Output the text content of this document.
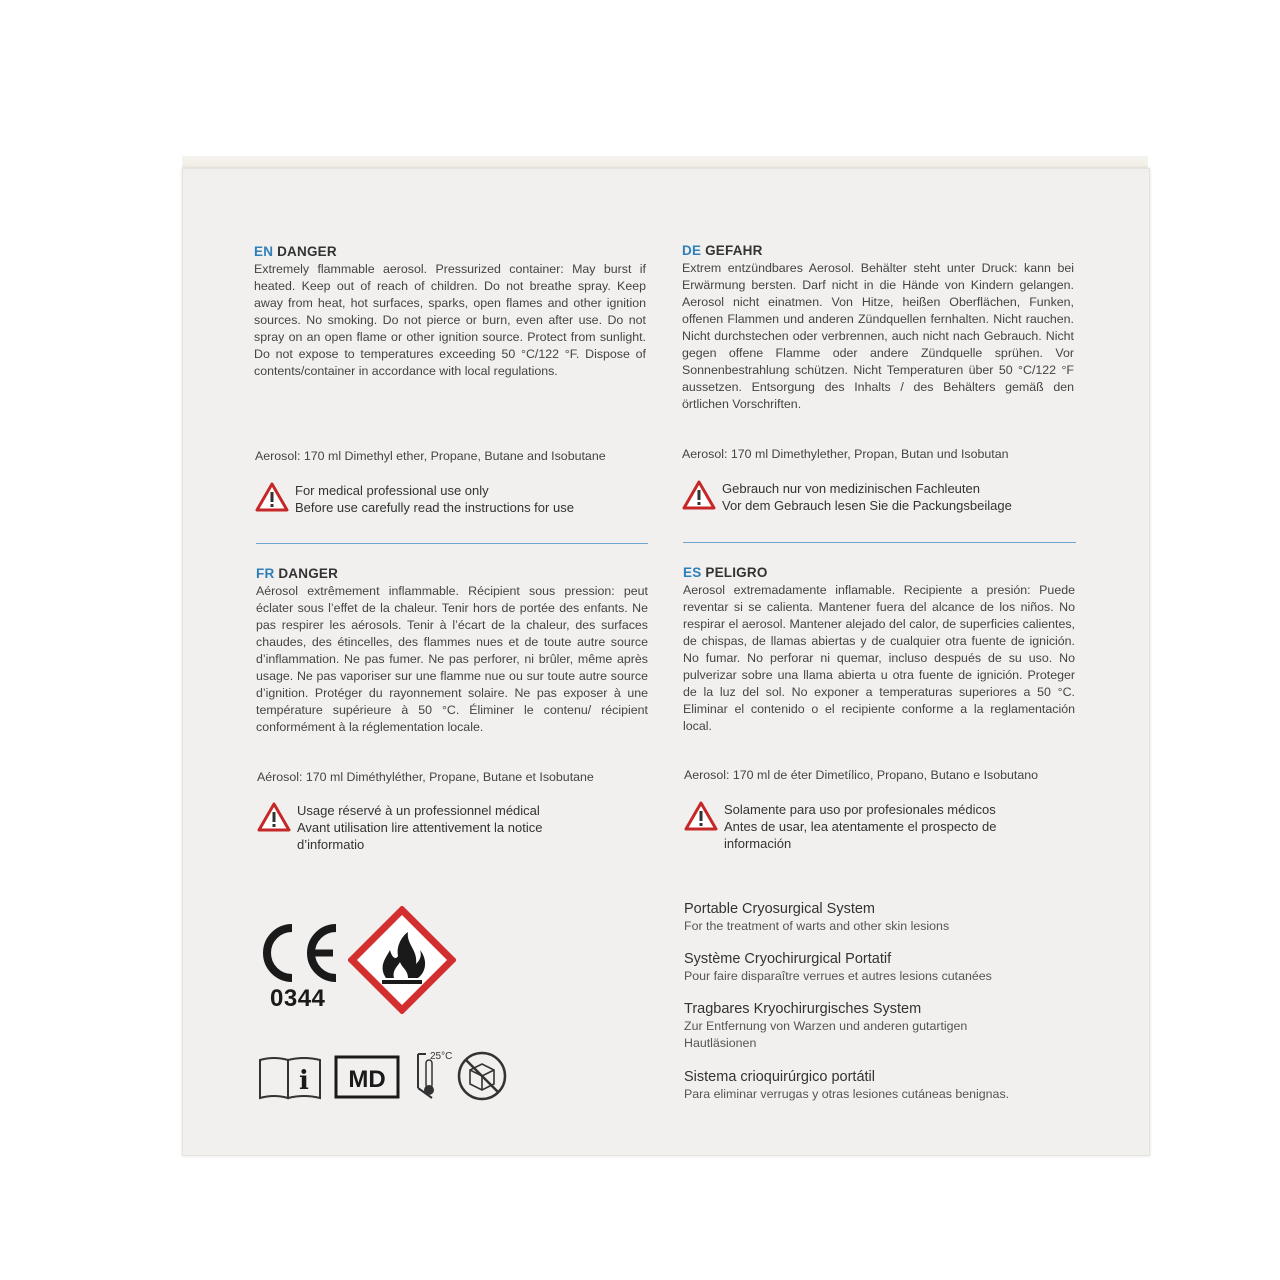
EN DANGER

Extremely flammable aerosol. Pressurized container: May burst if heated. Keep out of reach of children. Do not breathe spray. Keep away from heat, hot surfaces, sparks, open flames and other ignition sources. No smoking. Do not pierce or burn, even after use. Do not spray on an open flame or other ignition source. Protect from sunlight. Do not expose to temperatures exceeding 50 °C/122 °F. Dispose of contents/container in accordance with local regulations.

Aerosol: 170 ml Dimethyl ether, Propane, Butane and Isobutane
For medical professional use only
Before use carefully read the instructions for use

DE GEFAHR

Extrem entzündbares Aerosol. Behälter steht unter Druck: kann bei Erwärmung bersten. Darf nicht in die Hände von Kindern gelangen. Aerosol nicht einatmen. Von Hitze, heißen Oberflächen, Funken, offenen Flammen und anderen Zündquellen fernhalten. Nicht rauchen. Nicht durchstechen oder verbrennen, auch nicht nach Gebrauch. Nicht gegen offene Flamme oder andere Zündquelle sprühen. Vor Sonnenbestrahlung schützen. Nicht Temperaturen über 50 °C/122 °F aussetzen. Entsorgung des Inhalts / des Behälters gemäß den örtlichen Vorschriften.

Aerosol: 170 ml Dimethylether, Propan, Butan und Isobutan
Gebrauch nur von medizinischen Fachleuten
Vor dem Gebrauch lesen Sie die Packungsbeilage

FR DANGER

Aérosol extrêmement inflammable. Récipient sous pression: peut éclater sous l’effet de la chaleur. Tenir hors de portée des enfants. Ne pas respirer les aérosols. Tenir à l’écart de la chaleur, des surfaces chaudes, des étincelles, des flammes nues et de toute autre source d’inflammation. Ne pas fumer. Ne pas perforer, ni brûler, même après usage. Ne pas vaporiser sur une flamme nue ou sur toute autre source d’ignition. Protéger du rayonnement solaire. Ne pas exposer à une température supérieure à 50 °C. Éliminer le contenu/ récipient conformément à la réglementation locale.

Aérosol: 170 ml Diméthyléther, Propane, Butane et Isobutane
Usage réservé à un professionnel médical
Avant utilisation lire attentivement la notice
d’informatio

ES PELIGRO

Aerosol extremadamente inflamable. Recipiente a presión: Puede reventar si se calienta. Mantener fuera del alcance de los niños. No respirar el aerosol. Mantener alejado del calor, de superficies calientes, de chispas, de llamas abiertas y de cualquier otra fuente de ignición. No fumar. No perforar ni quemar, incluso después de su uso. No pulverizar sobre una llama abierta u otra fuente de ignición. Proteger de la luz del sol. No exponer a temperaturas superiores a 50 °C. Eliminar el contenido o el recipiente conforme a la reglamentación local.

Aerosol: 170 ml de éter Dimetílico, Propano, Butano e Isobutano
Solamente para uso por profesionales médicos
Antes de usar, lea atentamente el prospecto de
información

Portable Cryosurgical System

For the treatment of warts and other skin lesions

Système Cryochirurgical Portatif

Pour faire disparaître verrues et autres lesions cutanées

Tragbares Kryochirurgisches System

Zur Entfernung von Warzen und anderen gutartigen

Hautläsionen

Sistema crioquirúrgico portátil

Para eliminar verrugas y otras lesiones cutáneas benignas.

0344
i MD
25°C
